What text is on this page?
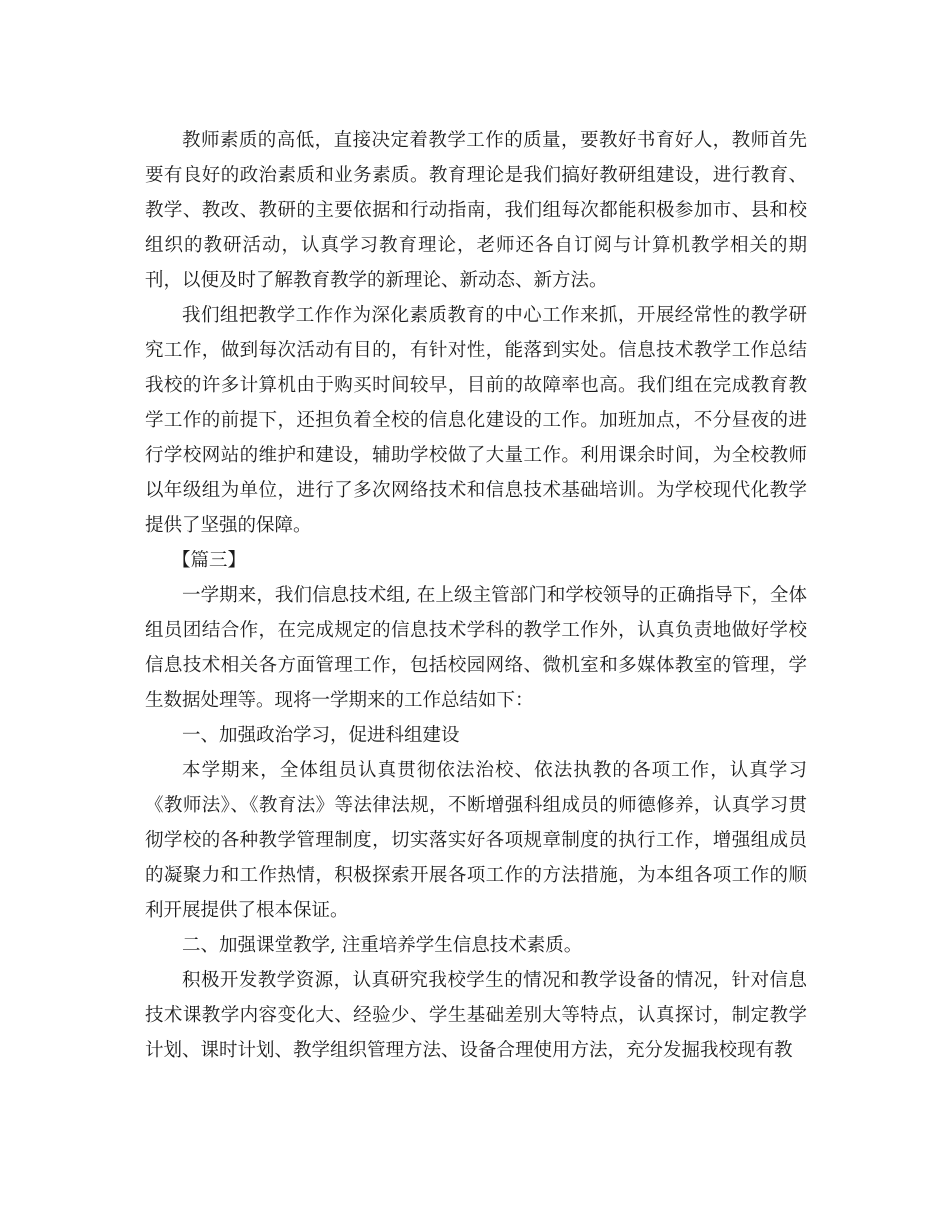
教师素质的高低，直接决定着教学工作的质量，要教好书育好人，教师首先要有良好的政治素质和业务素质。教育理论是我们搞好教研组建设，进行教育、教学、教改、教研的主要依据和行动指南，我们组每次都能积极参加市、县和校组织的教研活动，认真学习教育理论，老师还各自订阅与计算机教学相关的期刊，以便及时了解教育教学的新理论、新动态、新方法。

我们组把教学工作作为深化素质教育的中心工作来抓，开展经常性的教学研究工作，做到每次活动有目的，有针对性，能落到实处。信息技术教学工作总结我校的许多计算机由于购买时间较早，目前的故障率也高。我们组在完成教育教学工作的前提下，还担负着全校的信息化建设的工作。加班加点，不分昼夜的进行学校网站的维护和建设，辅助学校做了大量工作。利用课余时间，为全校教师以年级组为单位，进行了多次网络技术和信息技术基础培训。为学校现代化教学提供了坚强的保障。

【篇三】

一学期来，我们信息技术组, 在上级主管部门和学校领导的正确指导下，全体组员团结合作，在完成规定的信息技术学科的教学工作外，认真负责地做好学校信息技术相关各方面管理工作，包括校园网络、微机室和多媒体教室的管理，学生数据处理等。现将一学期来的工作总结如下：

一、加强政治学习，促进科组建设

本学期来，全体组员认真贯彻依法治校、依法执教的各项工作，认真学习《教师法》、《教育法》等法律法规，不断增强科组成员的师德修养，认真学习贯彻学校的各种教学管理制度，切实落实好各项规章制度的执行工作，增强组成员的凝聚力和工作热情，积极探索开展各项工作的方法措施，为本组各项工作的顺利开展提供了根本保证。

二、加强课堂教学, 注重培养学生信息技术素质。

积极开发教学资源，认真研究我校学生的情况和教学设备的情况，针对信息技术课教学内容变化大、经验少、学生基础差别大等特点，认真探讨，制定教学计划、课时计划、教学组织管理方法、设备合理使用方法，充分发掘我校现有教
